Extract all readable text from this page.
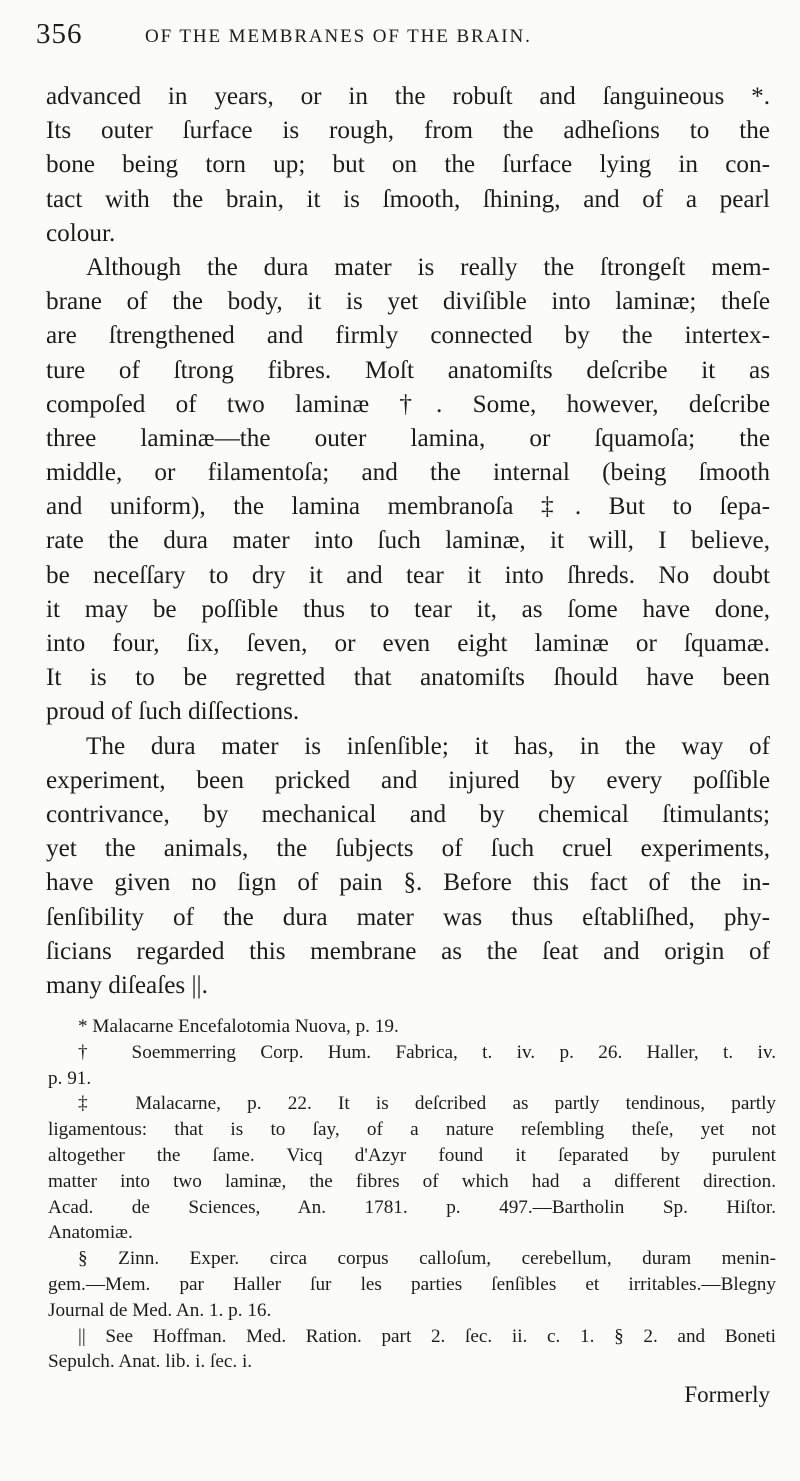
356	OF THE MEMBRANES OF THE BRAIN.
advanced in years, or in the robuſt and ſanguineous *.
Its outer ſurface is rough, from the adheſions to the
bone being torn up; but on the ſurface lying in con-
tact with the brain, it is ſmooth, ſhining, and of a pearl
colour.
Although the dura mater is really the ſtrongeſt mem-
brane of the body, it is yet diviſible into laminæ; theſe
are ſtrengthened and firmly connected by the intertex-
ture of ſtrong fibres. Moſt anatomiſts deſcribe it as
compoſed of two laminæ †. Some, however, deſcribe
three laminæ—the outer lamina, or ſquamoſa; the
middle, or filamentoſa; and the internal (being ſmooth
and uniform), the lamina membranoſa ‡. But to ſepa-
rate the dura mater into ſuch laminæ, it will, I believe,
be neceſſary to dry it and tear it into ſhreds. No doubt
it may be poſſible thus to tear it, as ſome have done,
into four, ſix, ſeven, or even eight laminæ or ſquamæ.
It is to be regretted that anatomiſts ſhould have been
proud of ſuch diſſections.
The dura mater is inſenſible; it has, in the way of
experiment, been pricked and injured by every poſſible
contrivance, by mechanical and by chemical ſtimulants;
yet the animals, the ſubjects of ſuch cruel experiments,
have given no ſign of pain §. Before this fact of the in-
ſenſibility of the dura mater was thus eſtabliſhed, phy-
ſicians regarded this membrane as the ſeat and origin of
many diſeaſes ||.
* Malacarne Encefalotomia Nuova, p. 19.
† Soemmerring Corp. Hum. Fabrica, t. iv. p. 26. Haller, t. iv.
p. 91.
‡ Malacarne, p. 22. It is deſcribed as partly tendinous, partly
ligamentous: that is to ſay, of a nature reſembling theſe, yet not
altogether the ſame. Vicq d'Azyr found it ſeparated by purulent
matter into two laminæ, the fibres of which had a different direction.
Acad. de Sciences, An. 1781. p. 497.—Bartholin Sp. Hiſtor.
Anatomiæ.
§ Zinn. Exper. circa corpus calloſum, cerebellum, duram menin-
gem.—Mem. par Haller ſur les parties ſenſibles et irritables.—Blegny
Journal de Med. An. 1. p. 16.
|| See Hoffman. Med. Ration. part 2. ſec. ii. c. 1. § 2. and Boneti
Sepulch. Anat. lib. i. ſec. i.
Formerly
